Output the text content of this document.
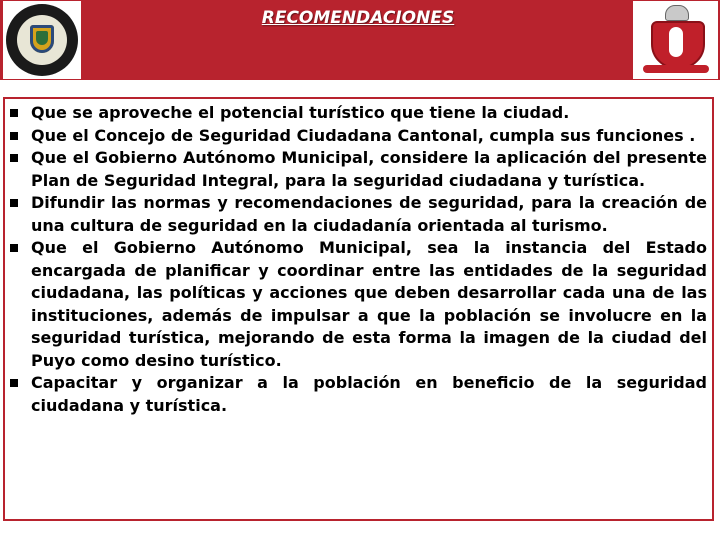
RECOMENDACIONES
Que se aproveche el potencial turístico que tiene la ciudad.
Que el Concejo de Seguridad Ciudadana Cantonal, cumpla sus funciones .
Que el Gobierno Autónomo Municipal, considere la aplicación del presente Plan de Seguridad Integral, para la seguridad ciudadana y turística.
Difundir las normas y recomendaciones de seguridad, para la creación de una cultura de seguridad en la ciudadanía orientada al turismo.
Que el Gobierno Autónomo Municipal, sea la instancia del Estado encargada de planificar y coordinar entre las entidades de la seguridad ciudadana, las políticas y acciones que deben desarrollar cada una de las instituciones, además de impulsar a que la población se involucre en la seguridad turística, mejorando de esta forma la imagen de la ciudad del Puyo como desino turístico.
Capacitar y organizar a la población en beneficio de la seguridad ciudadana y turística.
